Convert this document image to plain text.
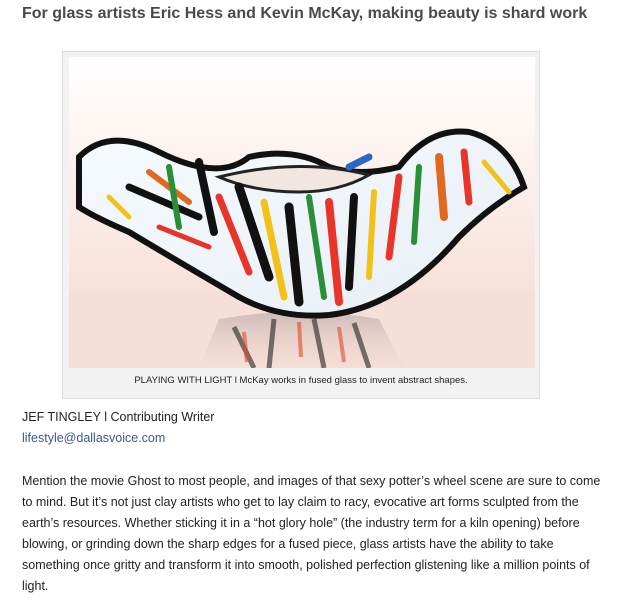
For glass artists Eric Hess and Kevin McKay, making beauty is shard work
PLAYING WITH LIGHT l McKay works in fused glass to invent abstract shapes.
JEF TINGLEY l Contributing Writer
lifestyle@dallasvoice.com

Mention the movie Ghost to most people, and images of that sexy potter’s wheel scene are sure to come to mind. But it’s not just clay artists who get to lay claim to racy, evocative art forms sculpted from the earth’s resources. Whether sticking it in a “hot glory hole” (the industry term for a kiln opening) before blowing, or grinding down the sharp edges for a fused piece, glass artists have the ability to take something once gritty and transform it into smooth, polished perfection glistening like a million points of light.
